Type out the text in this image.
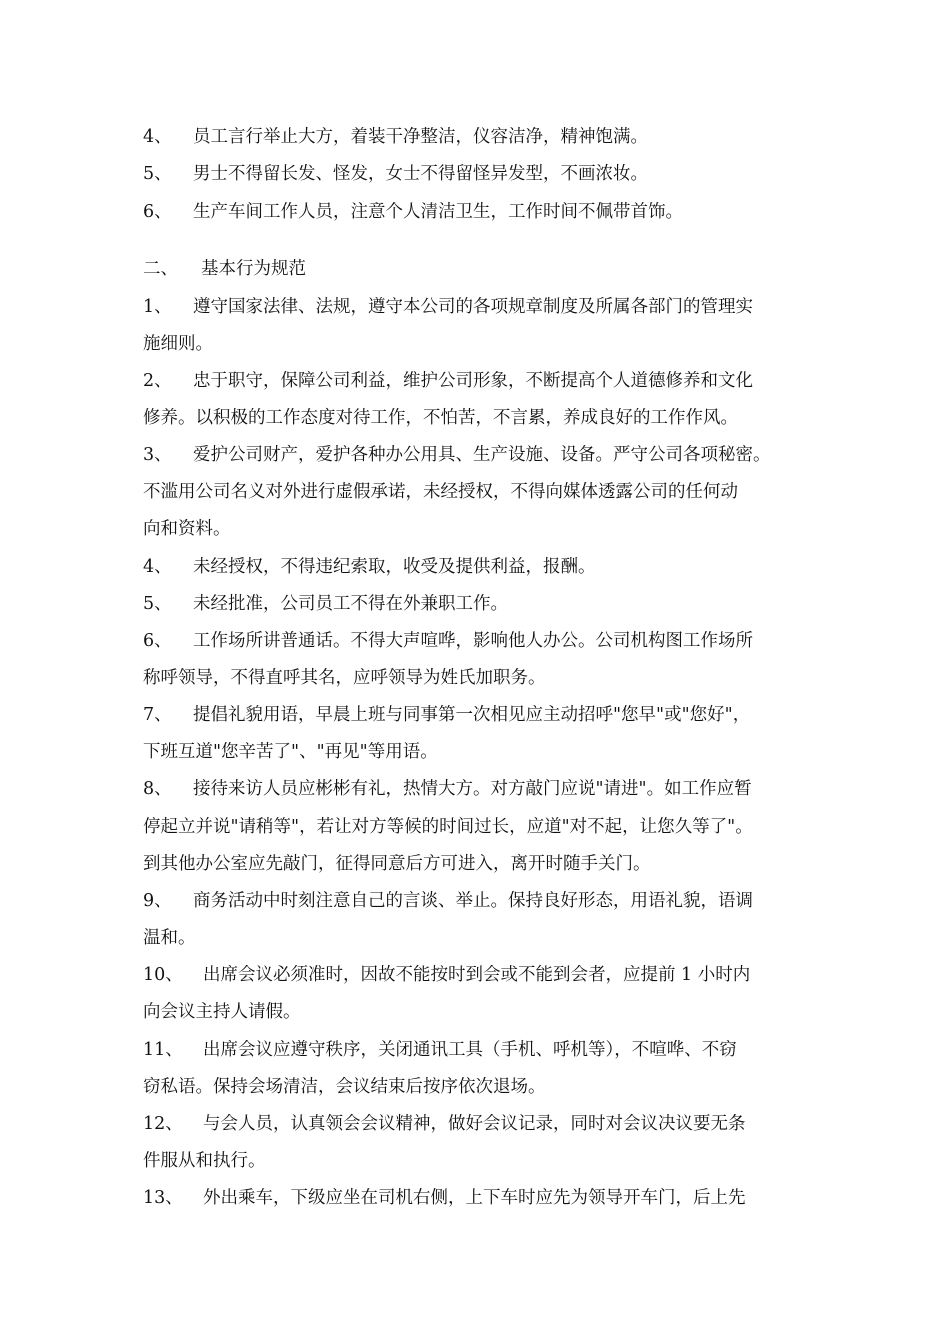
4、 员工言行举止大方，着装干净整洁，仪容洁净，精神饱满。
5、 男士不得留长发、怪发，女士不得留怪异发型，不画浓妆。
6、 生产车间工作人员，注意个人清洁卫生，工作时间不佩带首饰。
二、 基本行为规范
1、 遵守国家法律、法规，遵守本公司的各项规章制度及所属各部门的管理实
施细则。
2、 忠于职守，保障公司利益，维护公司形象，不断提高个人道德修养和文化
修养。以积极的工作态度对待工作，不怕苦，不言累，养成良好的工作作风。
3、 爱护公司财产，爱护各种办公用具、生产设施、设备。严守公司各项秘密。
不滥用公司名义对外进行虚假承诺，未经授权，不得向媒体透露公司的任何动
向和资料。
4、 未经授权，不得违纪索取，收受及提供利益，报酬。
5、 未经批准，公司员工不得在外兼职工作。
6、 工作场所讲普通话。不得大声喧哗，影响他人办公。公司机构图工作场所
称呼领导，不得直呼其名，应呼领导为姓氏加职务。
7、 提倡礼貌用语，早晨上班与同事第一次相见应主动招呼"您早"或"您好"，
下班互道"您辛苦了"、"再见"等用语。
8、 接待来访人员应彬彬有礼，热情大方。对方敲门应说"请进"。如工作应暂
停起立并说"请稍等"，若让对方等候的时间过长，应道"对不起，让您久等了"。
到其他办公室应先敲门，征得同意后方可进入，离开时随手关门。
9、 商务活动中时刻注意自己的言谈、举止。保持良好形态，用语礼貌，语调
温和。
10、 出席会议必须准时，因故不能按时到会或不能到会者，应提前 1 小时内
向会议主持人请假。
11、 出席会议应遵守秩序，关闭通讯工具（手机、呼机等），不喧哗、不窃
窃私语。保持会场清洁，会议结束后按序依次退场。
12、 与会人员，认真领会会议精神，做好会议记录，同时对会议决议要无条
件服从和执行。
13、 外出乘车，下级应坐在司机右侧，上下车时应先为领导开车门，后上先
